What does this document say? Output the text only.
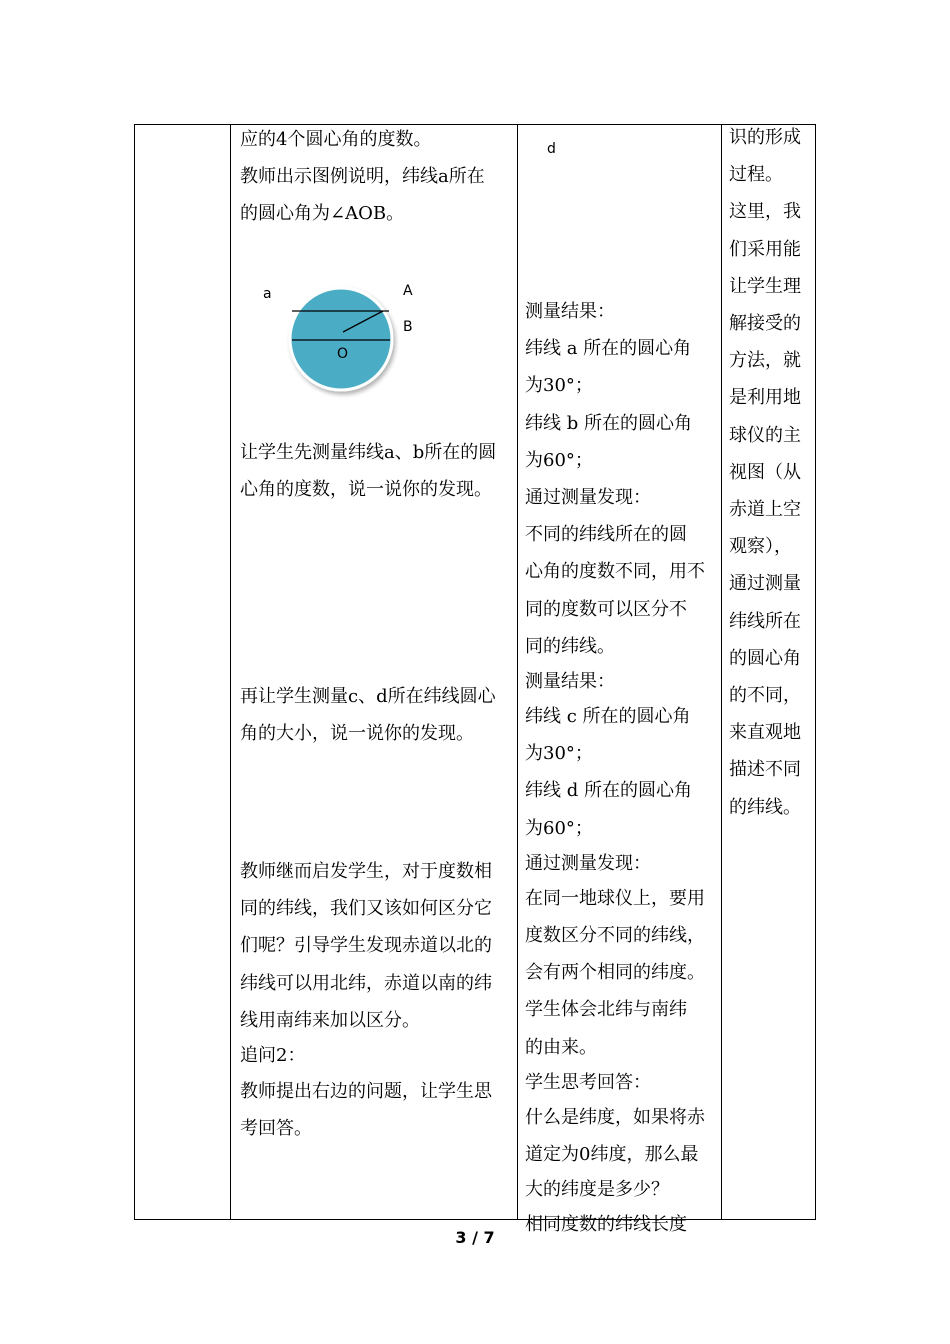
应的4个圆心角的度数。

教师出示图例说明，纬线a所在

的圆心角为∠AOB。

让学生先测量纬线a、b所在的圆

心角的度数，说一说你的发现。

再让学生测量c、d所在纬线圆心

角的大小，说一说你的发现。

教师继而启发学生，对于度数相

同的纬线，我们又该如何区分它

们呢？引导学生发现赤道以北的

纬线可以用北纬，赤道以南的纬

线用南纬来加以区分。

追问2：

教师提出右边的问题，让学生思

考回答。

a	A
B
O
d

测量结果：

纬线 a 所在的圆心角

为30°；

纬线 b 所在的圆心角

为60°；

通过测量发现：

不同的纬线所在的圆

心角的度数不同，用不

同的度数可以区分不

同的纬线。

测量结果：

纬线 c 所在的圆心角

为30°；

纬线 d 所在的圆心角

为60°；

通过测量发现：

在同一地球仪上，要用

度数区分不同的纬线，

会有两个相同的纬度。

学生体会北纬与南纬

的由来。

学生思考回答：

什么是纬度，如果将赤

道定为0纬度，那么最

大的纬度是多少？

相同度数的纬线长度

识的形成

过程。

这里，我

们采用能

让学生理

解接受的

方法，就

是利用地

球仪的主

视图（从

赤道上空

观察），

通过测量

纬线所在

的圆心角

的不同，

来直观地

描述不同

的纬线。

3 / 7
